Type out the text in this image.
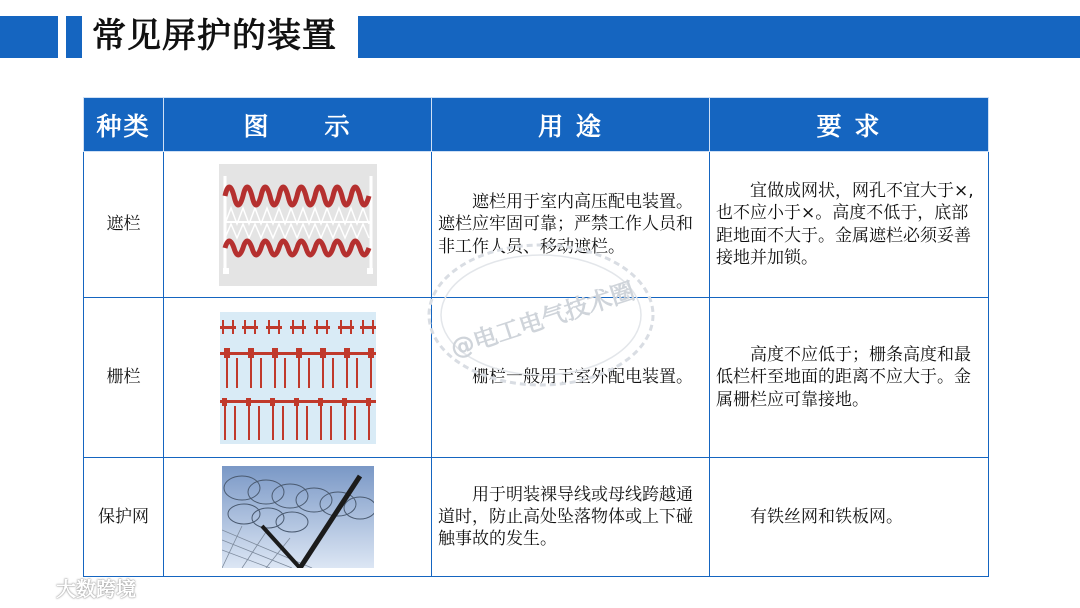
常见屏护的装置
种类	图　　示	用 途	要 求
遮栏		遮栏用于室内高压配电装置。遮栏应牢固可靠；严禁工作人员和非工作人员、移动遮栏。	宜做成网状，网孔不宜大于×,也不应小于×。高度不低于，底部距地面不大于。金属遮栏必须妥善接地并加锁。
栅栏		栅栏一般用于室外配电装置。	高度不应低于；栅条高度和最低栏杆至地面的距离不应大于。金属栅栏应可靠接地。
保护网		用于明装裸导线或母线跨越通道时，防止高处坠落物体或上下碰触事故的发生。	有铁丝网和铁板网。
@电工电气技术圈
大数跨境
